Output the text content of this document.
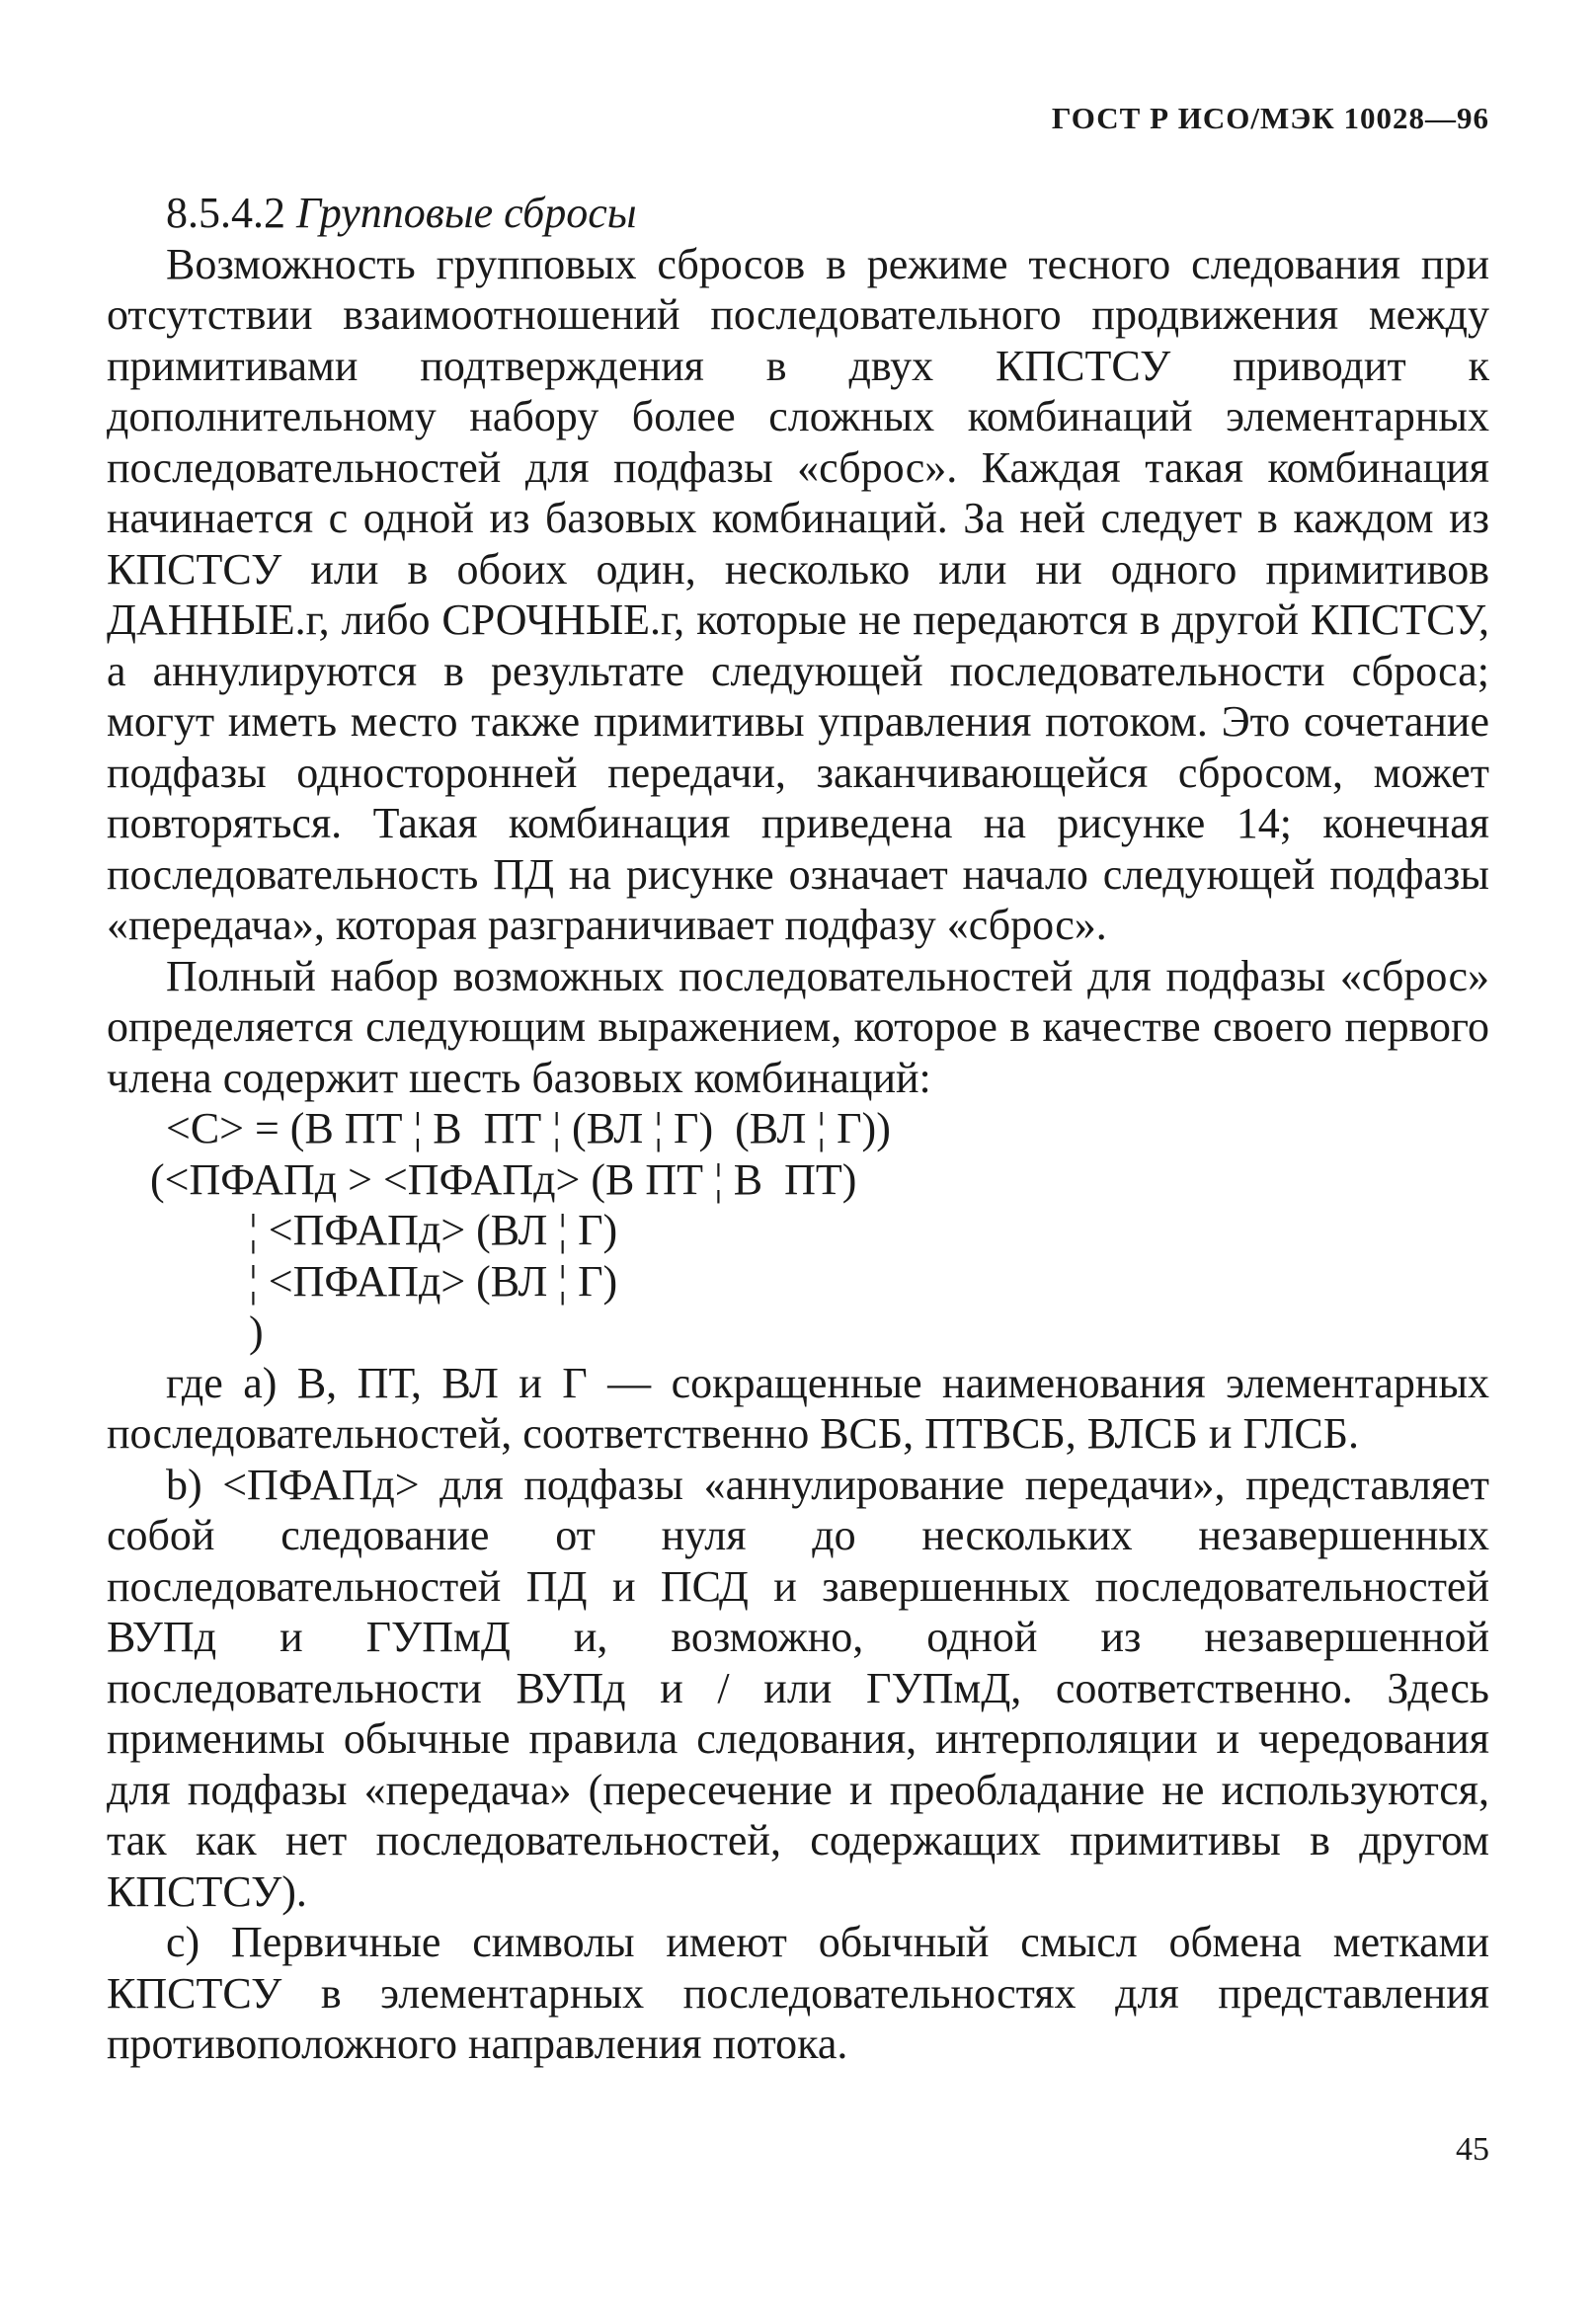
ГОСТ Р ИСО/МЭК 10028—96

8.5.4.2 Групповые сбросы

Возможность групповых сбросов в режиме тесного следования при отсутствии взаимоотношений последовательного продвижения между примитивами подтверждения в двух КПСТСУ приводит к дополнительному набору более сложных комбинаций элементарных последовательностей для подфазы «сброс». Каждая такая комбинация начинается с одной из базовых комбинаций. За ней следует в каждом из КПСТСУ или в обоих один, несколько или ни одного примитивов ДАННЫЕ.г, либо СРОЧНЫЕ.г, которые не передаются в другой КПСТСУ, а аннулируются в результате следующей последовательности сброса; могут иметь место также примитивы управления потоком. Это сочетание подфазы односторонней передачи, заканчивающейся сбросом, может повторяться. Такая комбинация приведена на рисунке 14; конечная последовательность ПД на рисунке означает начало следующей подфазы «передача», которая разграничивает подфазу «сброс».

Полный набор возможных последовательностей для подфазы «сброс» определяется следующим выражением, которое в качестве своего первого члена содержит шесть базовых комбинаций:

<С> = (В ПТ ¦ В  ПТ ¦ (ВЛ ¦ Г)  (ВЛ ¦ Г))

(<ПФАПд > <ПФАПд> (В ПТ ¦ В  ПТ)

¦ <ПФАПд> (ВЛ ¦ Г)

¦ <ПФАПд> (ВЛ ¦ Г)

)

где a) В, ПТ, ВЛ и Г — сокращенные наименования элементарных последовательностей, соответственно ВСБ, ПТВСБ, ВЛСБ и ГЛСБ.

b) <ПФАПд> для подфазы «аннулирование передачи», представляет собой следование от нуля до нескольких незавершенных последовательностей ПД и ПСД и завершенных последовательностей ВУПд и ГУПмД и, возможно, одной из незавершенной последовательности ВУПд и / или ГУПмД, соответственно. Здесь применимы обычные правила следования, интерполяции и чередования для подфазы «передача» (пересечение и преобладание не используются, так как нет последовательностей, содержащих примитивы в другом КПСТСУ).

c) Первичные символы имеют обычный смысл обмена метками КПСТСУ в элементарных последовательностях для представления противоположного направления потока.

45
